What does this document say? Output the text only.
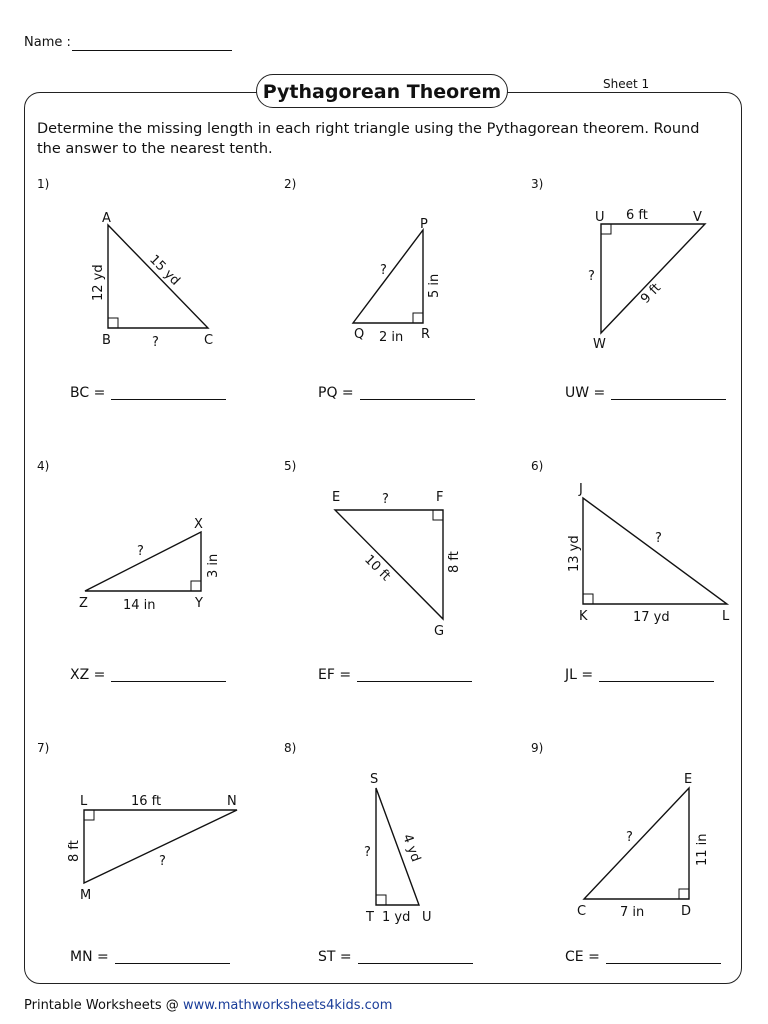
Name :
Pythagorean Theorem	Sheet 1
Determine the missing length in each right triangle using the Pythagorean theorem. Round the answer to the nearest tenth.
1)
A
B	C
12 yd	15 yd
?
BC =
2)
P
Q	R
?
5 in
2 in
PQ =
3)
U	V
W
6 ft
?
9 ft
UW =
4)
X
Z	Y
?
3 in
14 in
XZ =
5)
E	F
G
?
10 ft	8 ft
EF =
6)
J
K	L
13 yd	?
17 yd
JL =
7)
L	N
M
16 ft
8 ft	?
MN =
8)
S
T	U
? 4 yd
1 yd
ST =
9)
E
C	D
?	11 in
7 in
CE =
Printable Worksheets @ www.mathworksheets4kids.com
